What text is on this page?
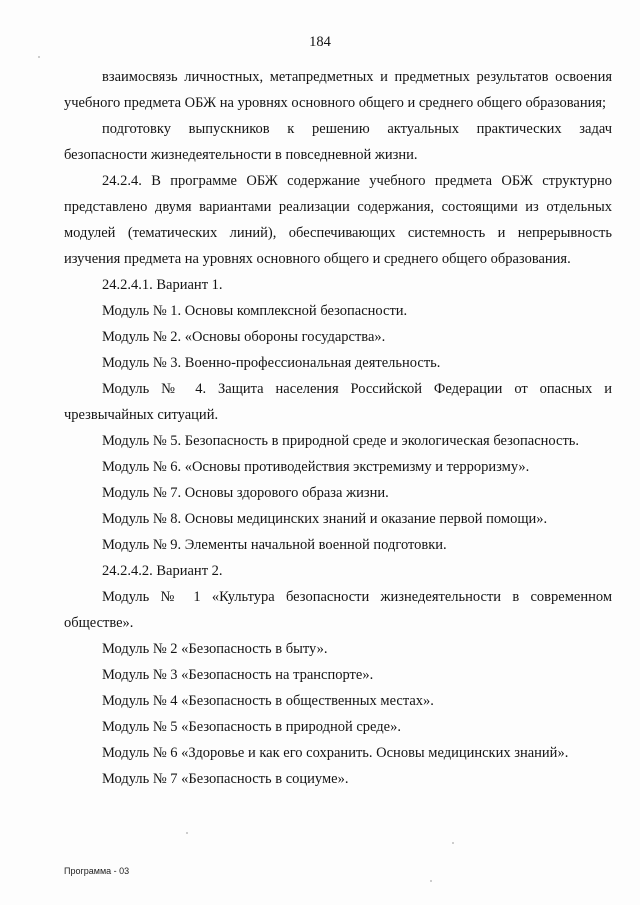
184

взаимосвязь личностных, метапредметных и предметных результатов освоения учебного предмета ОБЖ на уровнях основного общего и среднего общего образования;

подготовку выпускников к решению актуальных практических задач безопасности жизнедеятельности в повседневной жизни.

24.2.4. В программе ОБЖ содержание учебного предмета ОБЖ структурно представлено двумя вариантами реализации содержания, состоящими из отдельных модулей (тематических линий), обеспечивающих системность и непрерывность изучения предмета на уровнях основного общего и среднего общего образования.

24.2.4.1. Вариант 1.

Модуль № 1. Основы комплексной безопасности.

Модуль № 2. «Основы обороны государства».

Модуль № 3. Военно-профессиональная деятельность.

Модуль № 4. Защита населения Российской Федерации от опасных и чрезвычайных ситуаций.

Модуль № 5. Безопасность в природной среде и экологическая безопасность.

Модуль № 6. «Основы противодействия экстремизму и терроризму».

Модуль № 7. Основы здорового образа жизни.

Модуль № 8. Основы медицинских знаний и оказание первой помощи».

Модуль № 9. Элементы начальной военной подготовки.

24.2.4.2. Вариант 2.

Модуль № 1 «Культура безопасности жизнедеятельности в современном обществе».

Модуль № 2 «Безопасность в быту».

Модуль № 3 «Безопасность на транспорте».

Модуль № 4 «Безопасность в общественных местах».

Модуль № 5 «Безопасность в природной среде».

Модуль № 6 «Здоровье и как его сохранить. Основы медицинских знаний».

Модуль № 7 «Безопасность в социуме».

Программа - 03
